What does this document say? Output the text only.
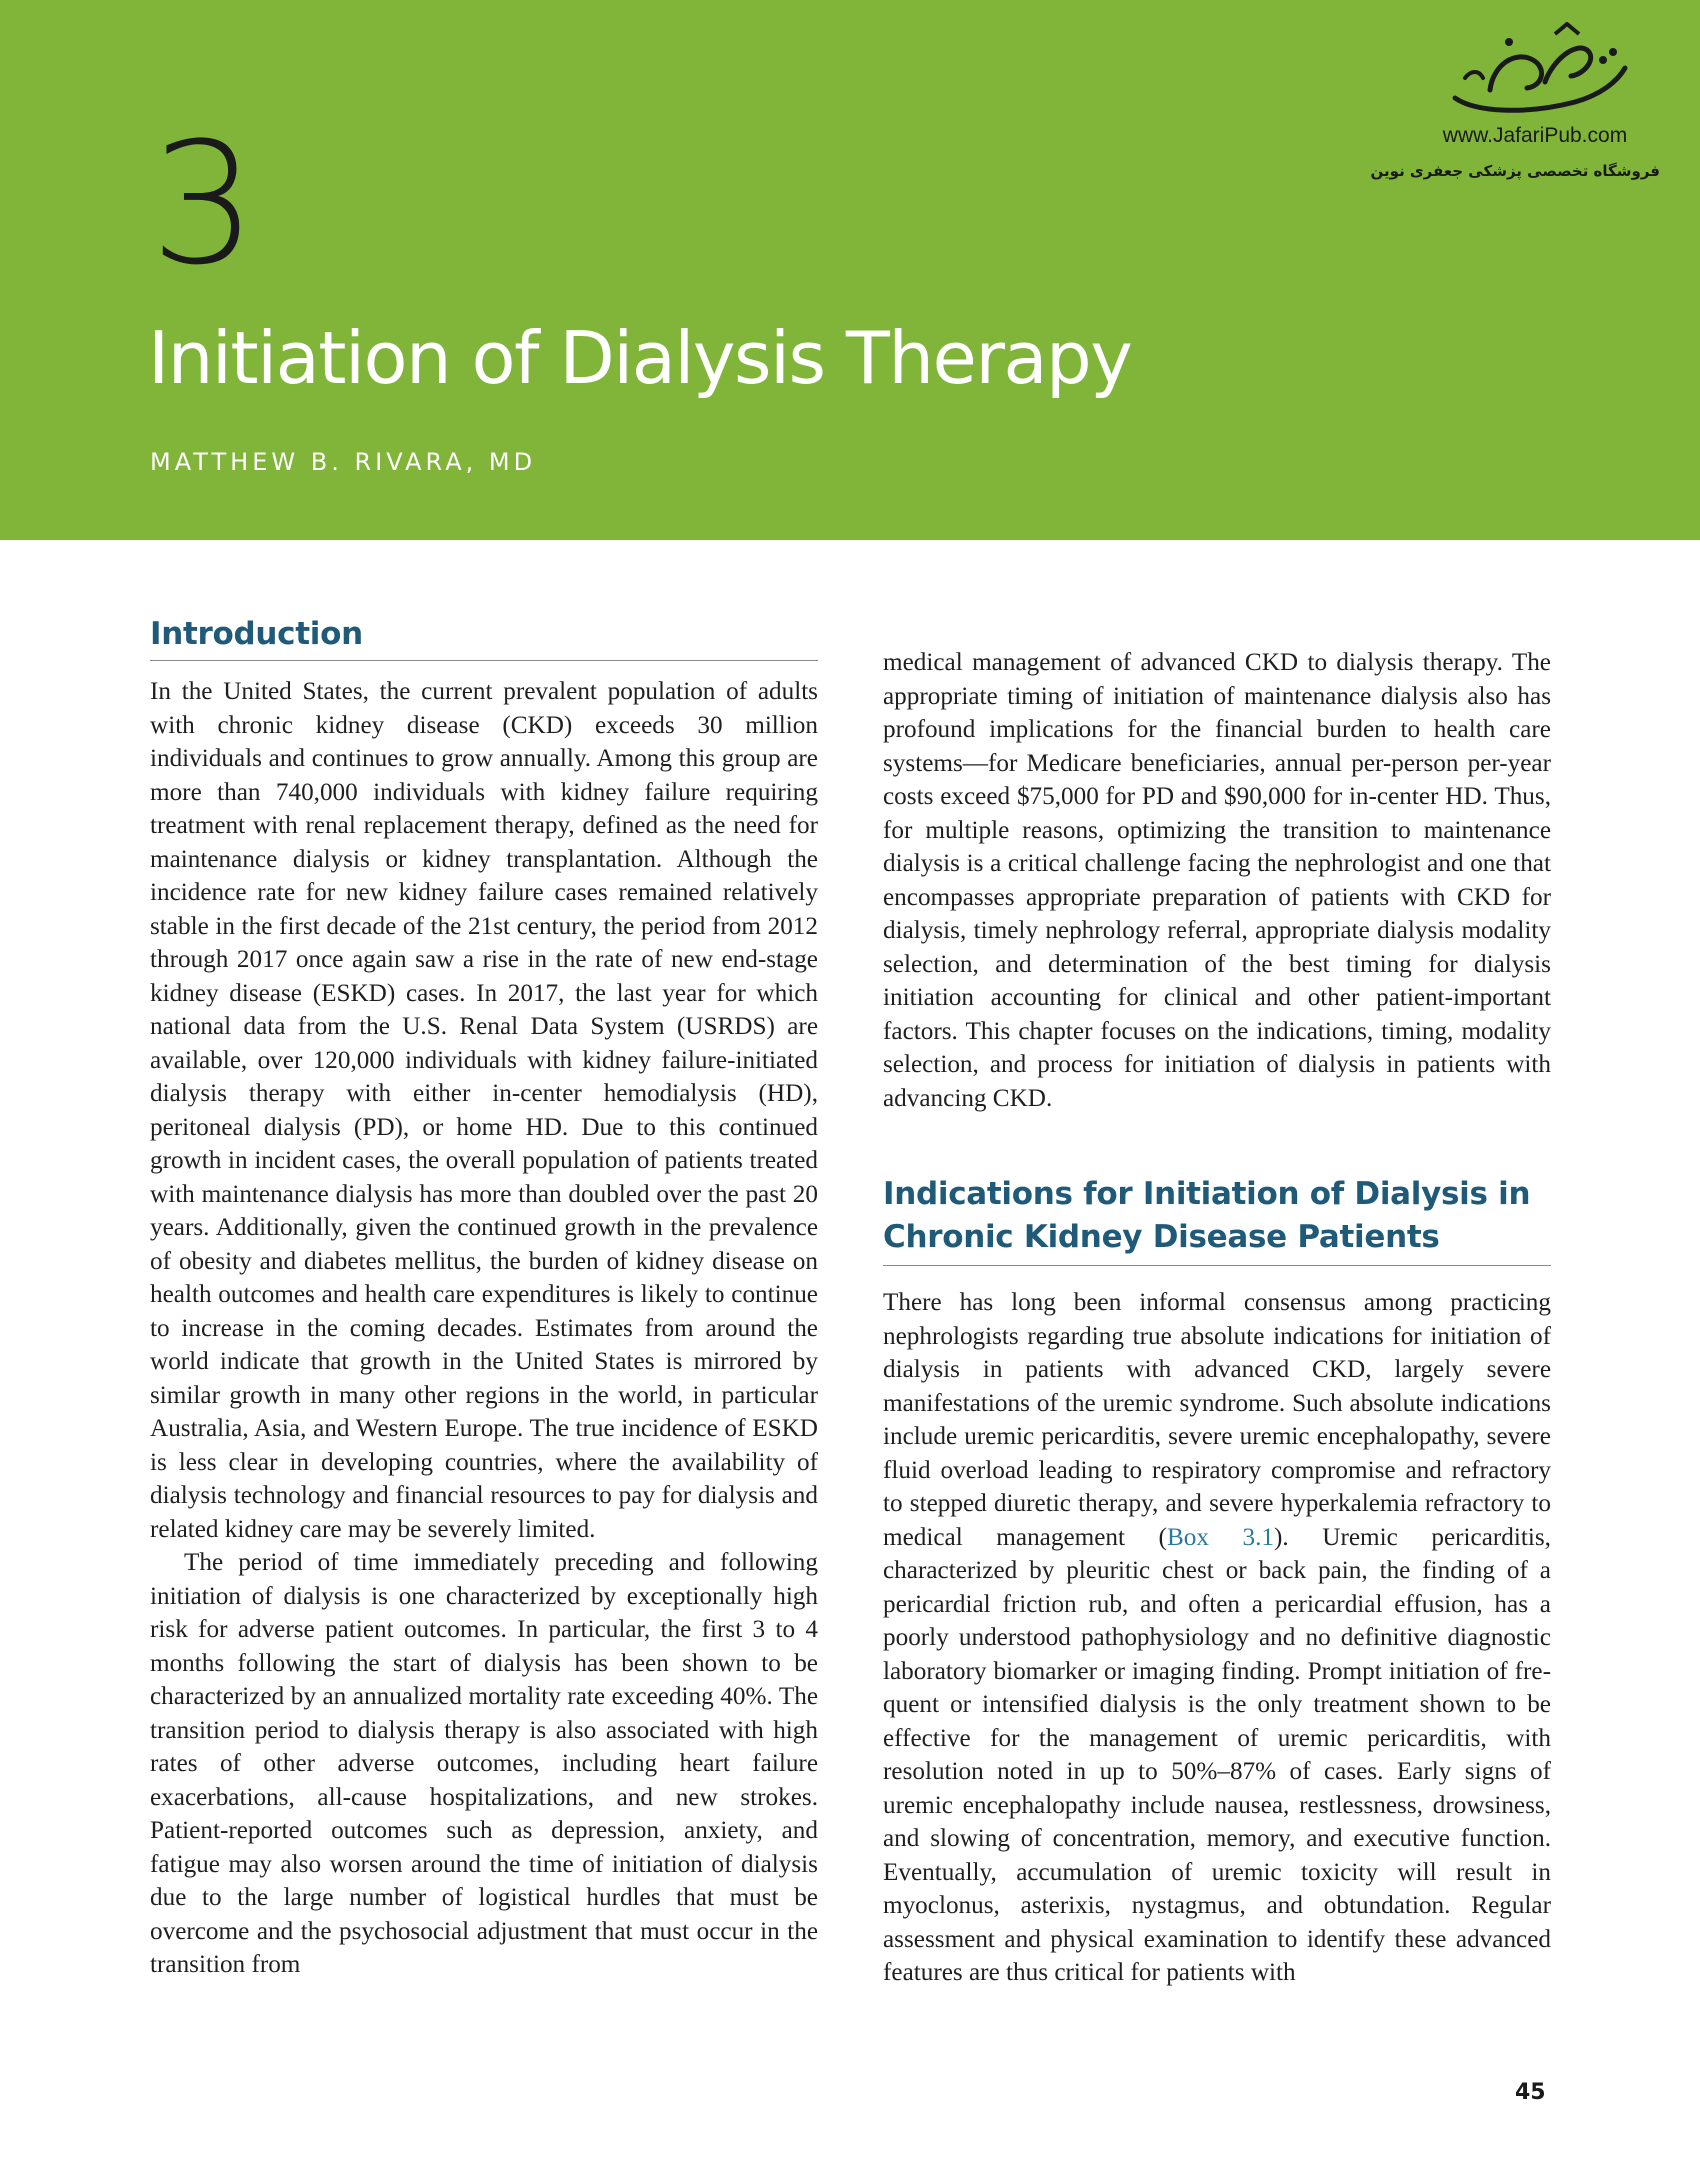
3
Initiation of Dialysis Therapy
MATTHEW B. RIVARA, MD
www.JafariPub.com
فروشگاه تخصصی پزشکی جعفری نوین
Introduction

In the United States, the current prevalent population of adults with chronic kidney disease (CKD) exceeds 30 million individuals and continues to grow annually. Among this group are more than 740,000 individuals with kidney failure requiring treatment with renal replacement therapy, defined as the need for maintenance dialysis or kidney transplantation. Although the incidence rate for new kidney failure cases remained relatively stable in the first decade of the 21st century, the period from 2012 through 2017 once again saw a rise in the rate of new end-stage kidney disease (ESKD) cases. In 2017, the last year for which national data from the U.S. Renal Data System (USRDS) are available, over 120,000 individuals with kidney failure-initiated dialysis therapy with either in-center hemodialysis (HD), peritoneal dialysis (PD), or home HD. Due to this continued growth in incident cases, the overall population of patients treated with maintenance dialysis has more than doubled over the past 20 years. Additionally, given the continued growth in the prevalence of obesity and diabetes mellitus, the burden of kidney disease on health outcomes and health care expenditures is likely to continue to increase in the coming decades. Estimates from around the world indicate that growth in the United States is mirrored by similar growth in many other regions in the world, in particular Australia, Asia, and Western Europe. The true incidence of ESKD is less clear in developing countries, where the availability of dialysis technology and financial resources to pay for dialysis and related kidney care may be severely limited.

The period of time immediately preceding and following initiation of dialysis is one characterized by exceptionally high risk for adverse patient outcomes. In particular, the first 3 to 4 months following the start of dialysis has been shown to be characterized by an annualized mortality rate exceeding 40%. The transition period to dialysis therapy is also associated with high rates of other adverse outcomes, including heart failure exacerbations, all-cause hospitalizations, and new strokes. Patient-reported outcomes such as depression, anxiety, and fatigue may also worsen around the time of initiation of dialysis due to the large number of logistical hurdles that must be overcome and the psychosocial adjustment that must occur in the transition from

medical management of advanced CKD to dialysis therapy. The appropriate timing of initiation of maintenance dialysis also has profound implications for the financial burden to health care systems—for Medicare beneficiaries, annual per-person per-year costs exceed $75,000 for PD and $90,000 for in-center HD. Thus, for multiple reasons, optimizing the transition to maintenance dialysis is a critical challenge facing the nephrologist and one that encompasses appropriate preparation of patients with CKD for dialysis, timely nephrology referral, appropriate dialysis modality selection, and determination of the best timing for dialysis initiation accounting for clinical and other patient-important factors. This chapter focuses on the indications, timing, modality selection, and process for initiation of dialysis in patients with advancing CKD.

Indications for Initiation of Dialysis in Chronic Kidney Disease Patients

There has long been informal consensus among practicing nephrologists regarding true absolute indications for initiation of dialysis in patients with advanced CKD, largely severe manifestations of the uremic syndrome. Such absolute indications include uremic pericarditis, severe uremic encephalopathy, severe fluid overload leading to respiratory compromise and refractory to stepped diuretic therapy, and severe hyperkalemia refractory to medical management (Box 3.1). Uremic pericarditis, characterized by pleuritic chest or back pain, the finding of a pericardial friction rub, and often a pericardial effusion, has a poorly understood pathophysiology and no definitive diagnostic laboratory biomarker or imaging finding. Prompt initiation of frequent or intensified dialysis is the only treatment shown to be effective for the management of uremic pericarditis, with resolution noted in up to 50%–87% of cases. Early signs of uremic encephalopathy include nausea, restlessness, drowsiness, and slowing of concentration, memory, and executive function. Eventually, accumulation of uremic toxicity will result in myoclonus, asterixis, nystagmus, and obtundation. Regular assessment and physical examination to identify these advanced features are thus critical for patients with

45
